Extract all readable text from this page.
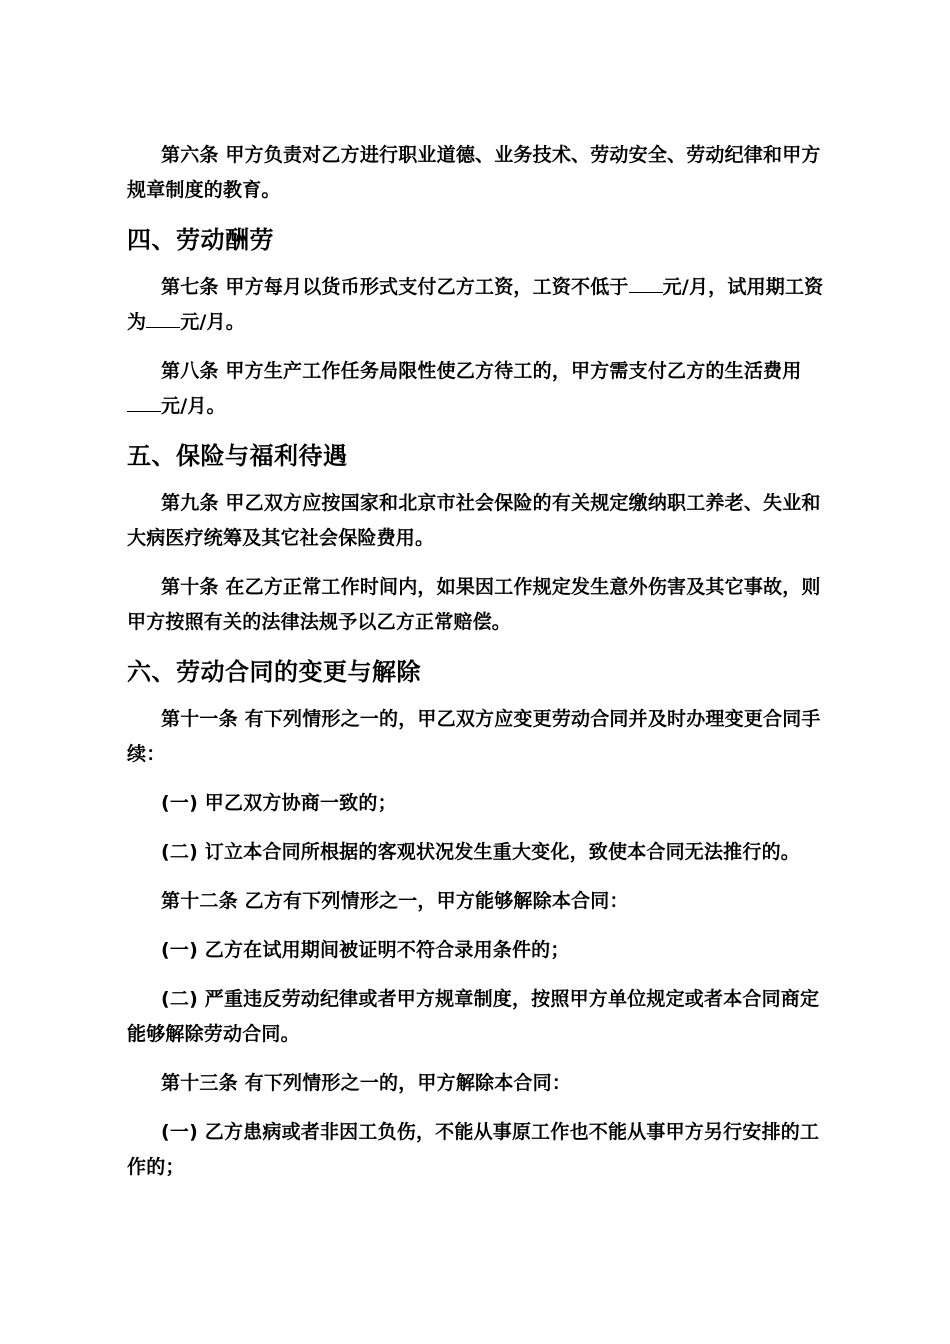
第六条 甲方负责对乙方进行职业道德、业务技术、劳动安全、劳动纪律和甲方规章制度的教育。

四、劳动酬劳

第七条 甲方每月以货币形式支付乙方工资，工资不低于 元/月，试用期工资为 元/月。

第八条 甲方生产工作任务局限性使乙方待工的，甲方需支付乙方的生活费用元/月。

五、保险与福利待遇

第九条 甲乙双方应按国家和北京市社会保险的有关规定缴纳职工养老、失业和大病医疗统筹及其它社会保险费用。

第十条 在乙方正常工作时间内，如果因工作规定发生意外伤害及其它事故，则甲方按照有关的法律法规予以乙方正常赔偿。

六、劳动合同的变更与解除

第十一条 有下列情形之一的，甲乙双方应变更劳动合同并及时办理变更合同手续：

(一) 甲乙双方协商一致的；

(二) 订立本合同所根据的客观状况发生重大变化，致使本合同无法推行的。

第十二条 乙方有下列情形之一，甲方能够解除本合同：

(一) 乙方在试用期间被证明不符合录用条件的；

(二) 严重违反劳动纪律或者甲方规章制度，按照甲方单位规定或者本合同商定能够解除劳动合同。

第十三条 有下列情形之一的，甲方解除本合同：

(一) 乙方患病或者非因工负伤，不能从事原工作也不能从事甲方另行安排的工作的；
